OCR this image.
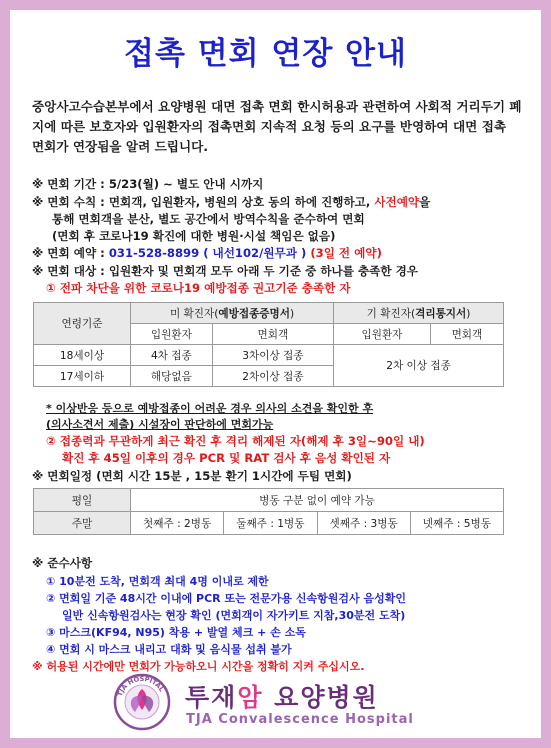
접촉 면회 연장 안내
중앙사고수습본부에서 요양병원 대면 접촉 면회 한시허용과 관련하여 사회적 거리두기 폐지에 따른 보호자와 입원환자의 접촉면회 지속적 요청 등의 요구를 반영하여 대면 접촉 면회가 연장됨을 알려 드립니다.
※ 면회 기간 : 5/23(월) ~ 별도 안내 시까지
※ 면회 수칙 : 면회객, 입원환자, 병원의 상호 동의 하에 진행하고, 사전예약을
통해 면회객을 분산, 별도 공간에서 방역수칙을 준수하여 면회
(면회 후 코로나19 확진에 대한 병원·시설 책임은 없음)
※ 면회 예약 : 031-528-8899 ( 내선102/원무과 ) (3일 전 예약)
※ 면회 대상 : 입원환자 및 면회객 모두 아래 두 기준 중 하나를 충족한 경우
① 전파 차단을 위한 코로나19 예방접종 권고기준 충족한 자
연령기준	미 확진자(예방접종증명서)		기 확진자(격리통지서)	
	입원환자	면회객	입원환자	면회객
18세이상	4차 접종	3차이상 접종	2차 이상 접종	
17세이하	해당없음	2차이상 접종		
* 이상반응 등으로 예방접종이 어려운 경우 의사의 소견을 확인한 후
(의사소견서 제출) 시설장이 판단하에 면회가능
② 접종력과 무관하게 최근 확진 후 격리 해제된 자(해제 후 3일~90일 내)
확진 후 45일 이후의 경우 PCR 및 RAT 검사 후 음성 확인된 자
※ 면회일정 (면회 시간 15분 , 15분 환기 1시간에 두팀 면회)
평일	병동 구분 없이 예약 가능			
주말	첫째주 : 2병동	둘째주 : 1병동	셋째주 : 3병동	넷째주 : 5병동
※ 준수사항
① 10분전 도착, 면회객 최대 4명 이내로 제한
② 면회일 기준 48시간 이내에 PCR 또는 전문가용 신속항원검사 음성확인
일반 신속항원검사는 현장 확인 (면회객이 자가키트 지참,30분전 도착)
③ 마스크(KF94, N95) 착용 + 발열 체크 + 손 소독
④ 면회 시 마스크 내리고 대화 및 음식물 섭취 불가
※ 허용된 시간에만 면회가 가능하오니 시간을 정확히 지켜 주십시오.
TJA HOSPITAL 투재암 요양병원
TJA Convalescence Hospital
